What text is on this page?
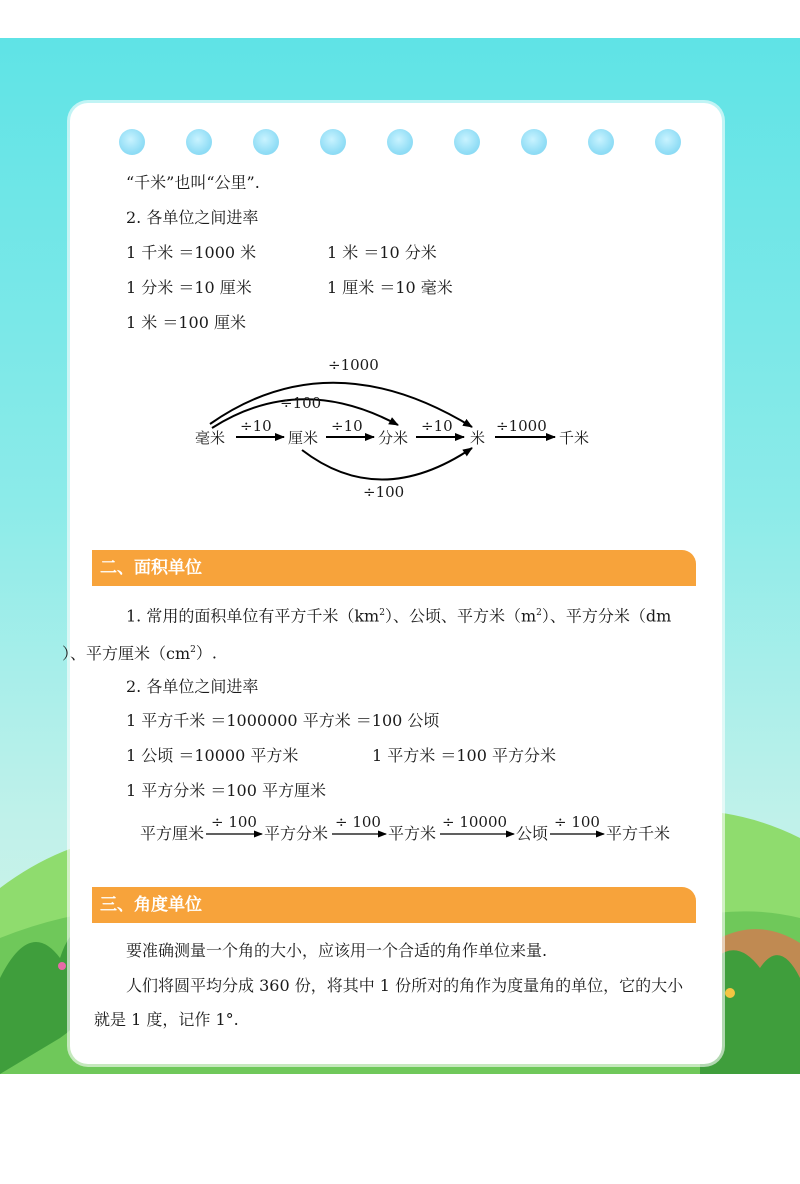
“千米”也叫“公里”.
2. 各单位之间进率
1 千米 ＝1000 米	1 米 ＝10 分米
1 分米 ＝10 厘米	1 厘米 ＝10 毫米
1 米 ＝100 厘米
毫米	厘米	分米	米	千米
÷10	÷10	÷10	÷1000
÷1000
÷100
÷100
二、面积单位
1. 常用的面积单位有平方千米$(km^2)$、公顷、平方米$(m^2)$、平方分米（dm
）、平方厘米$(cm^2)$.
2. 各单位之间进率
1 平方千米 ＝1000000 平方米 ＝100 公顷
1 公顷 ＝10000 平方米	1 平方米 ＝100 平方分米
1 平方分米 ＝100 平方厘米
平方厘米	平方分米	平方米	公顷	平方千米
÷ 100	÷ 100	÷ 10000	÷ 100
三、角度单位
要准确测量一个角的大小，应该用一个合适的角作单位来量.
人们将圆平均分成 360 份，将其中 1 份所对的角作为度量角的单位，它的大小就是 1 度，记作 1°.
